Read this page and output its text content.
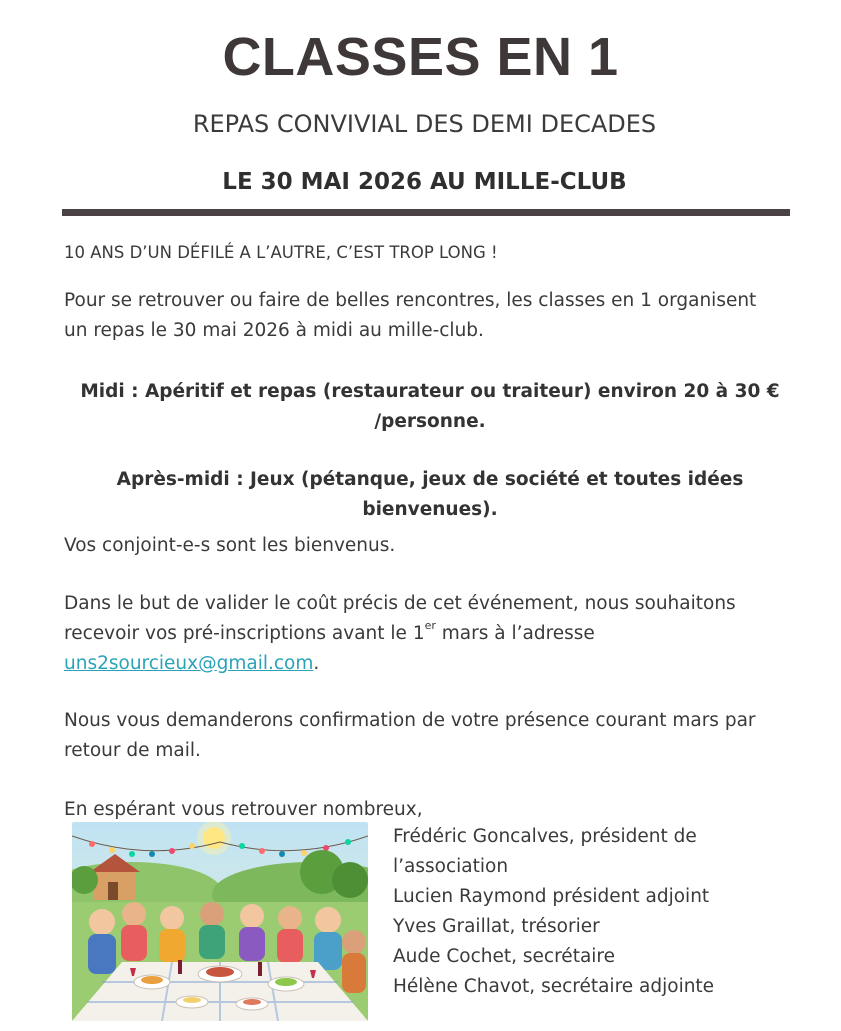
CLASSES EN 1
REPAS CONVIVIAL DES DEMI DECADES
LE 30 MAI 2026 AU MILLE-CLUB

10 ANS D’UN DÉFILÉ A L’AUTRE, C’EST TROP LONG !

Pour se retrouver ou faire de belles rencontres, les classes en 1 organisent
un repas le 30 mai 2026 à midi au mille-club.

Midi : Apéritif et repas (restaurateur ou traiteur) environ 20 à 30 €
/personne.

Après-midi : Jeux (pétanque, jeux de société et toutes idées
bienvenues).

Vos conjoint-e-s sont les bienvenus.

Dans le but de valider le coût précis de cet événement, nous souhaitons
recevoir vos pré-inscriptions avant le 1er mars à l’adresse
uns2sourcieux@gmail.com.

Nous vous demanderons confirmation de votre présence courant mars par
retour de mail.

En espérant vous retrouver nombreux,

Frédéric Goncalves, président de
l’association
Lucien Raymond président adjoint
Yves Graillat, trésorier
Aude Cochet, secrétaire
Hélène Chavot, secrétaire adjointe
